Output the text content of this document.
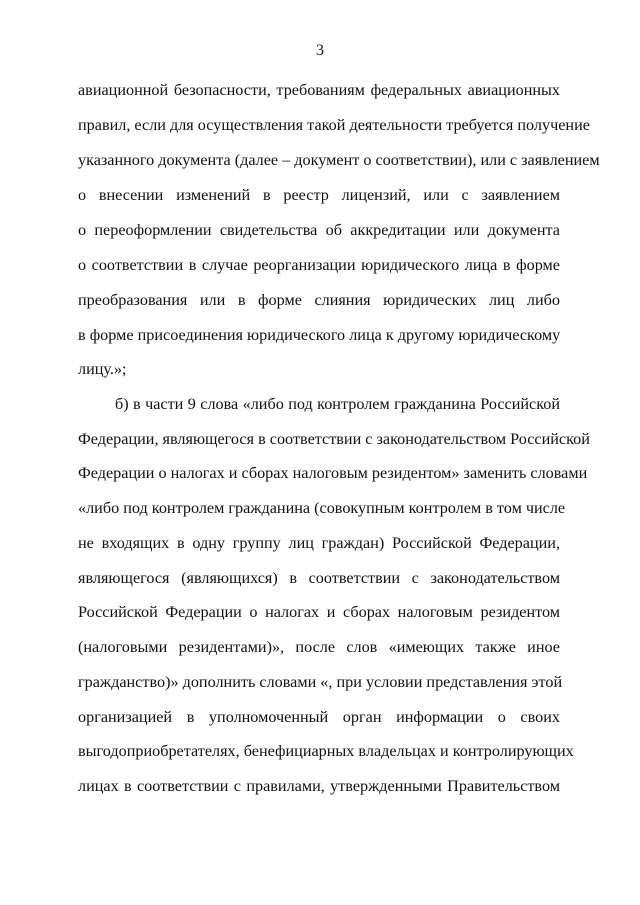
3
авиационной безопасности, требованиям федеральных авиационных
правил, если для осуществления такой деятельности требуется получение
указанного документа (далее – документ о соответствии), или с заявлением
о внесении изменений в реестр лицензий, или с заявлением
о переоформлении свидетельства об аккредитации или документа
о соответствии в случае реорганизации юридического лица в форме
преобразования или в форме слияния юридических лиц либо
в форме присоединения юридического лица к другому юридическому
лицу.»;
б) в части 9 слова «либо под контролем гражданина Российской
Федерации, являющегося в соответствии с законодательством Российской
Федерации о налогах и сборах налоговым резидентом» заменить словами
«либо под контролем гражданина (совокупным контролем в том числе
не входящих в одну группу лиц граждан) Российской Федерации,
являющегося (являющихся) в соответствии с законодательством
Российской Федерации о налогах и сборах налоговым резидентом
(налоговыми резидентами)», после слов «имеющих также иное
гражданство)» дополнить словами «, при условии представления этой
организацией в уполномоченный орган информации о своих
выгодоприобретателях, бенефициарных владельцах и контролирующих
лицах в соответствии с правилами, утвержденными Правительством
